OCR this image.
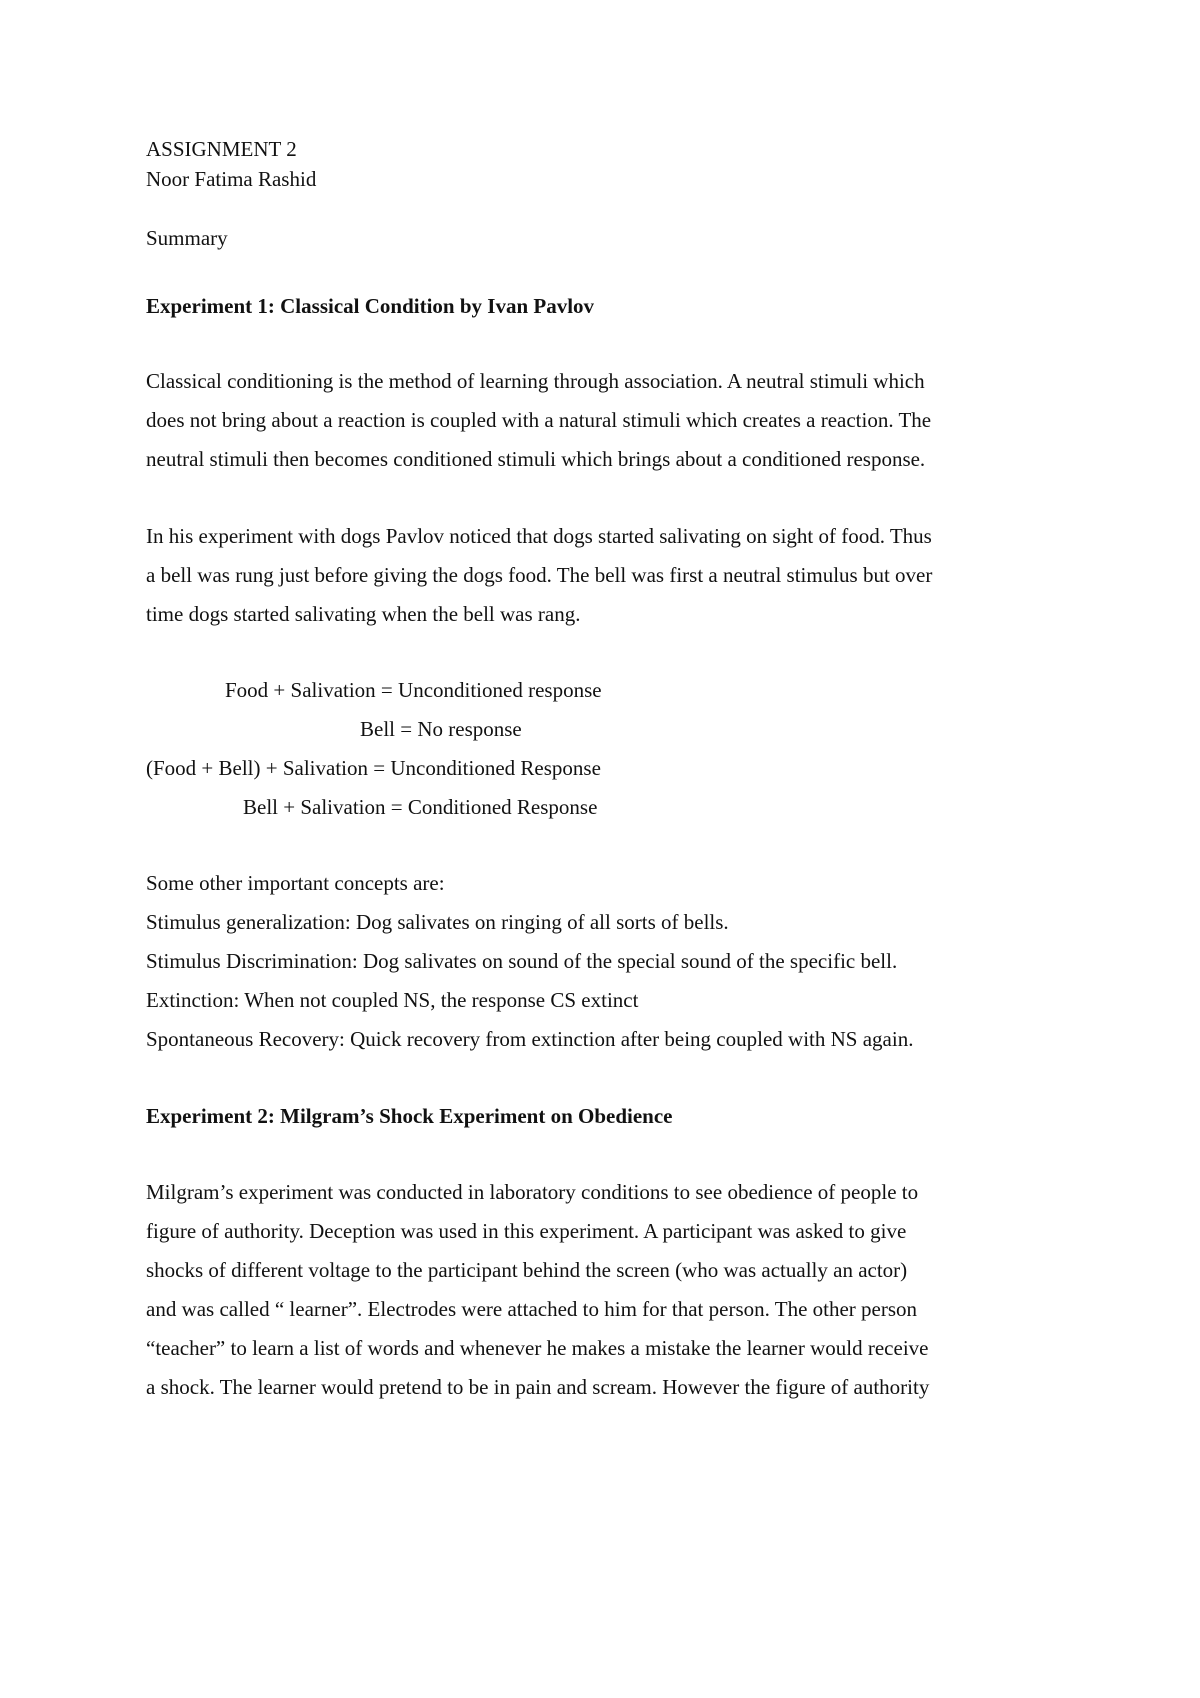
ASSIGNMENT 2
Noor Fatima Rashid
Summary
Experiment 1: Classical Condition by Ivan Pavlov
Classical conditioning is the method of learning through association. A neutral stimuli which
does not bring about a reaction is coupled with a natural stimuli which creates a reaction. The
neutral stimuli then becomes conditioned stimuli which brings about a conditioned response.
In his experiment with dogs Pavlov noticed that dogs started salivating on sight of food. Thus
a bell was rung just before giving the dogs food. The bell was first a neutral stimulus but over
time dogs started salivating when the bell was rang.
Food + Salivation = Unconditioned response
Bell = No response
(Food + Bell) + Salivation = Unconditioned Response
Bell + Salivation = Conditioned Response
Some other important concepts are:
Stimulus generalization: Dog salivates on ringing of all sorts of bells.
Stimulus Discrimination: Dog salivates on sound of the special sound of the specific bell.
Extinction: When not coupled NS, the response CS extinct
Spontaneous Recovery: Quick recovery from extinction after being coupled with NS again.
Experiment 2: Milgram’s Shock Experiment on Obedience
Milgram’s experiment was conducted in laboratory conditions to see obedience of people to
figure of authority. Deception was used in this experiment. A participant was asked to give
shocks of different voltage to the participant behind the screen (who was actually an actor)
and was called “ learner”. Electrodes were attached to him for that person. The other person
“teacher” to learn a list of words and whenever he makes a mistake the learner would receive
a shock. The learner would pretend to be in pain and scream. However the figure of authority
